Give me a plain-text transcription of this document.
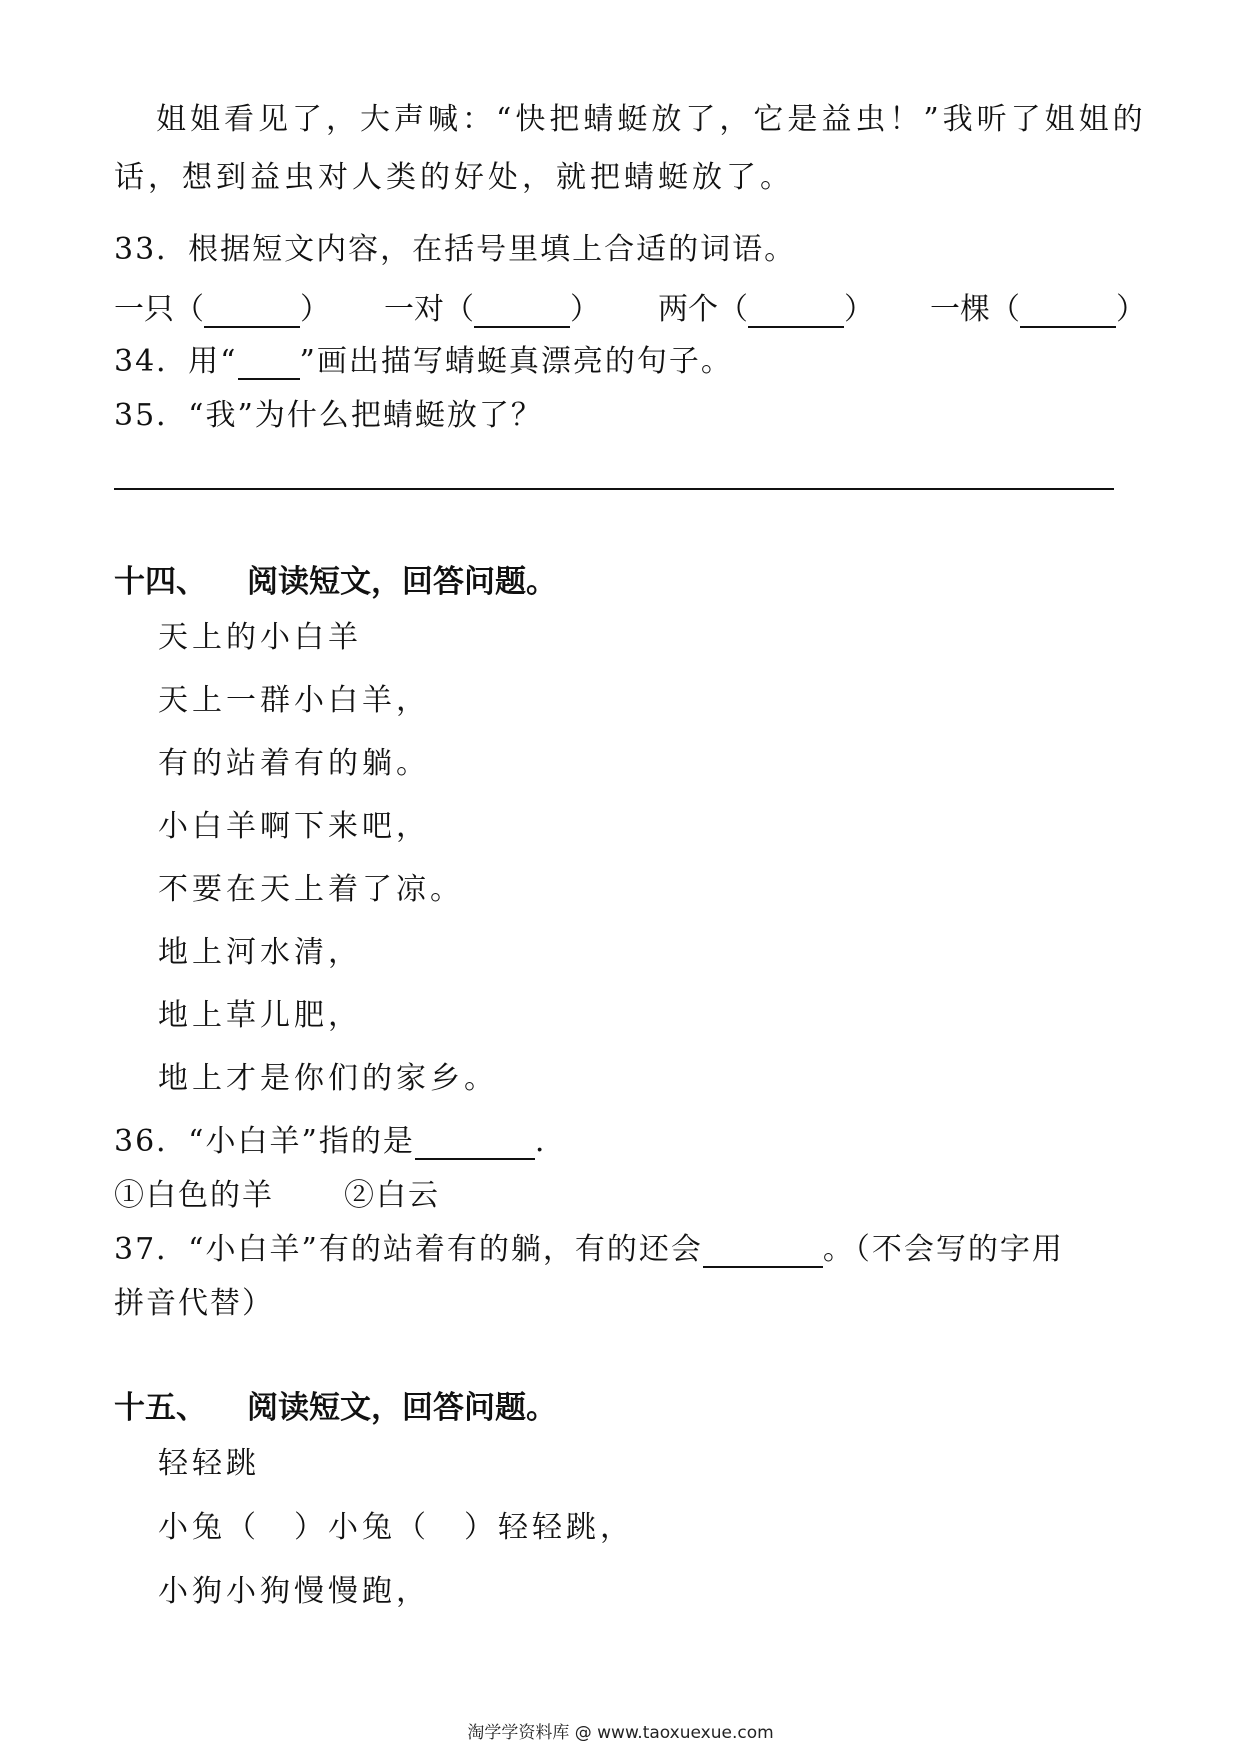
姐姐看见了，大声喊：“快把蜻蜓放了，它是益虫！”我听了姐姐的
话，想到益虫对人类的好处，就把蜻蜓放了。
33．根据短文内容，在括号里填上合适的词语。
一只（	） 一对（	） 两个（	） 一棵（	）
34．用“ ”画出描写蜻蜓真漂亮的句子。
35．“我”为什么把蜻蜓放了？
十四、 阅读短文，回答问题。
天上的小白羊
天上一群小白羊，
有的站着有的躺。
小白羊啊下来吧，
不要在天上着了凉。
地上河水清，
地上草儿肥，
地上才是你们的家乡。
36．“小白羊”指的是	.
①白色的羊 ②白云
37．“小白羊”有的站着有的躺，有的还会	。（不会写的字用
拼音代替）
十五、 阅读短文，回答问题。
轻轻跳
小兔（　）小兔（　）轻轻跳，
小狗小狗慢慢跑，
淘学学资料库 @ www.taoxuexue.com
